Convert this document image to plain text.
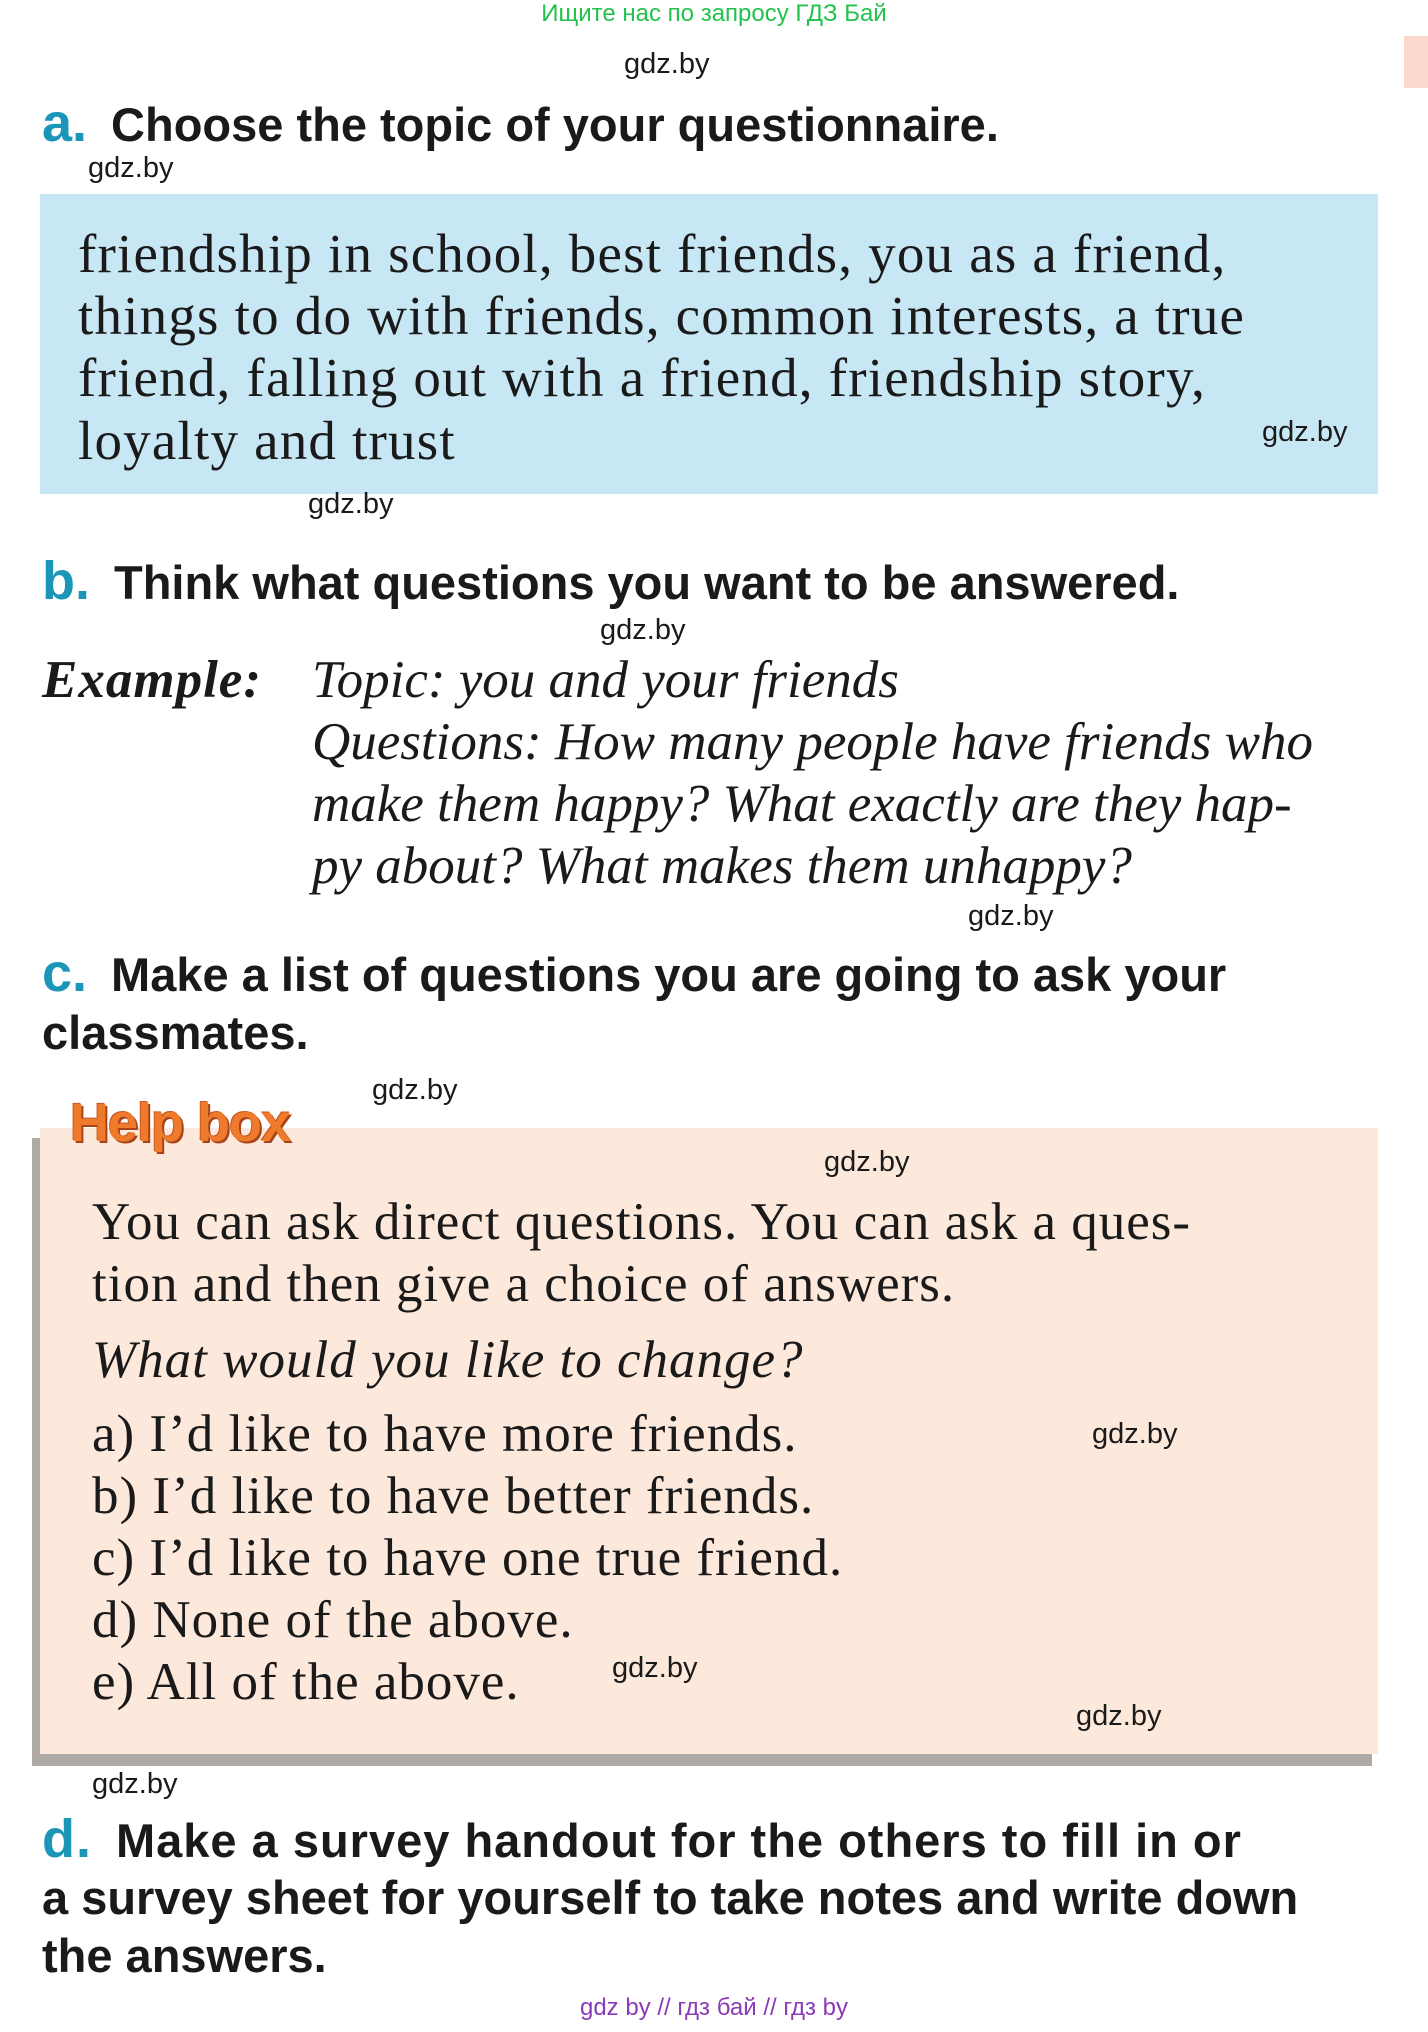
Ищите нас по запросу ГДЗ Бай
gdz.by
gdz.by
a. Choose the topic of your questionnaire.
friendship in school, best friends, you as a friend,
things to do with friends, common interests, a true
friend, falling out with a friend, friendship story,
loyalty and trust	gdz.by
gdz.by
b. Think what questions you want to be answered.
gdz.by
Example: Topic: you and your friends
Questions: How many people have friends who
make them happy? What exactly are they hap-
py about? What makes them unhappy?
gdz.by
c. Make a list of questions you are going to ask your
classmates.
gdz.by
Help box
gdz.by
You can ask direct questions. You can ask a ques-
tion and then give a choice of answers.
What would you like to change?
a) I’d like to have more friends.	gdz.by
b) I’d like to have better friends.
c) I’d like to have one true friend.
d) None of the above.
e) All of the above.	gdz.by
gdz.by
gdz.by
d. Make a survey handout for the others to fill in or
a survey sheet for yourself to take notes and write down
the answers.
gdz by // гдз бай // гдз by
